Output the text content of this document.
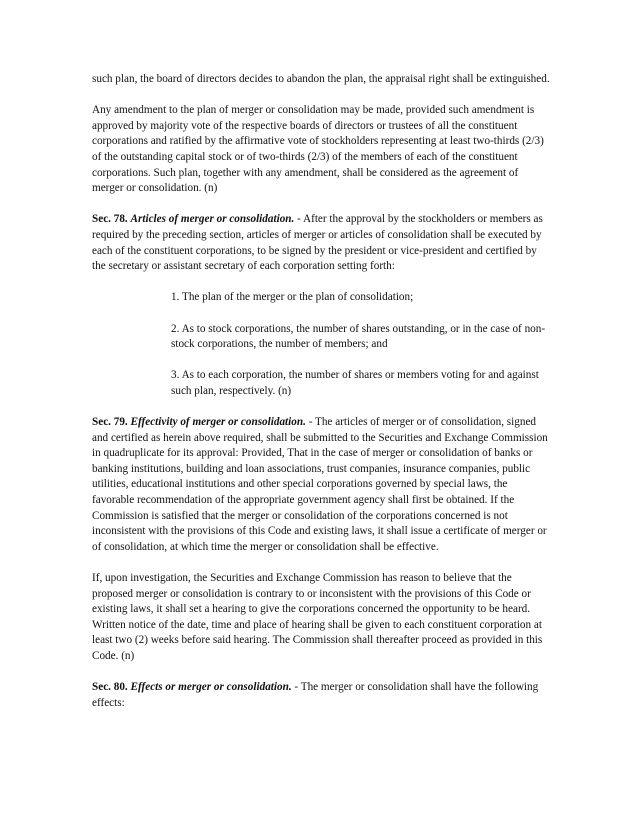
such plan, the board of directors decides to abandon the plan, the appraisal right shall be extinguished.

Any amendment to the plan of merger or consolidation may be made, provided such amendment is approved by majority vote of the respective boards of directors or trustees of all the constituent corporations and ratified by the affirmative vote of stockholders representing at least two-thirds (2/3) of the outstanding capital stock or of two-thirds (2/3) of the members of each of the constituent corporations. Such plan, together with any amendment, shall be considered as the agreement of merger or consolidation. (n)

Sec. 78. Articles of merger or consolidation. - After the approval by the stockholders or members as required by the preceding section, articles of merger or articles of consolidation shall be executed by each of the constituent corporations, to be signed by the president or vice-president and certified by the secretary or assistant secretary of each corporation setting forth:

1. The plan of the merger or the plan of consolidation;

2. As to stock corporations, the number of shares outstanding, or in the case of non-stock corporations, the number of members; and

3. As to each corporation, the number of shares or members voting for and against such plan, respectively. (n)

Sec. 79. Effectivity of merger or consolidation. - The articles of merger or of consolidation, signed and certified as herein above required, shall be submitted to the Securities and Exchange Commission in quadruplicate for its approval: Provided, That in the case of merger or consolidation of banks or banking institutions, building and loan associations, trust companies, insurance companies, public utilities, educational institutions and other special corporations governed by special laws, the favorable recommendation of the appropriate government agency shall first be obtained. If the Commission is satisfied that the merger or consolidation of the corporations concerned is not inconsistent with the provisions of this Code and existing laws, it shall issue a certificate of merger or of consolidation, at which time the merger or consolidation shall be effective.

If, upon investigation, the Securities and Exchange Commission has reason to believe that the proposed merger or consolidation is contrary to or inconsistent with the provisions of this Code or existing laws, it shall set a hearing to give the corporations concerned the opportunity to be heard. Written notice of the date, time and place of hearing shall be given to each constituent corporation at least two (2) weeks before said hearing. The Commission shall thereafter proceed as provided in this Code. (n)

Sec. 80. Effects or merger or consolidation. - The merger or consolidation shall have the following effects:
